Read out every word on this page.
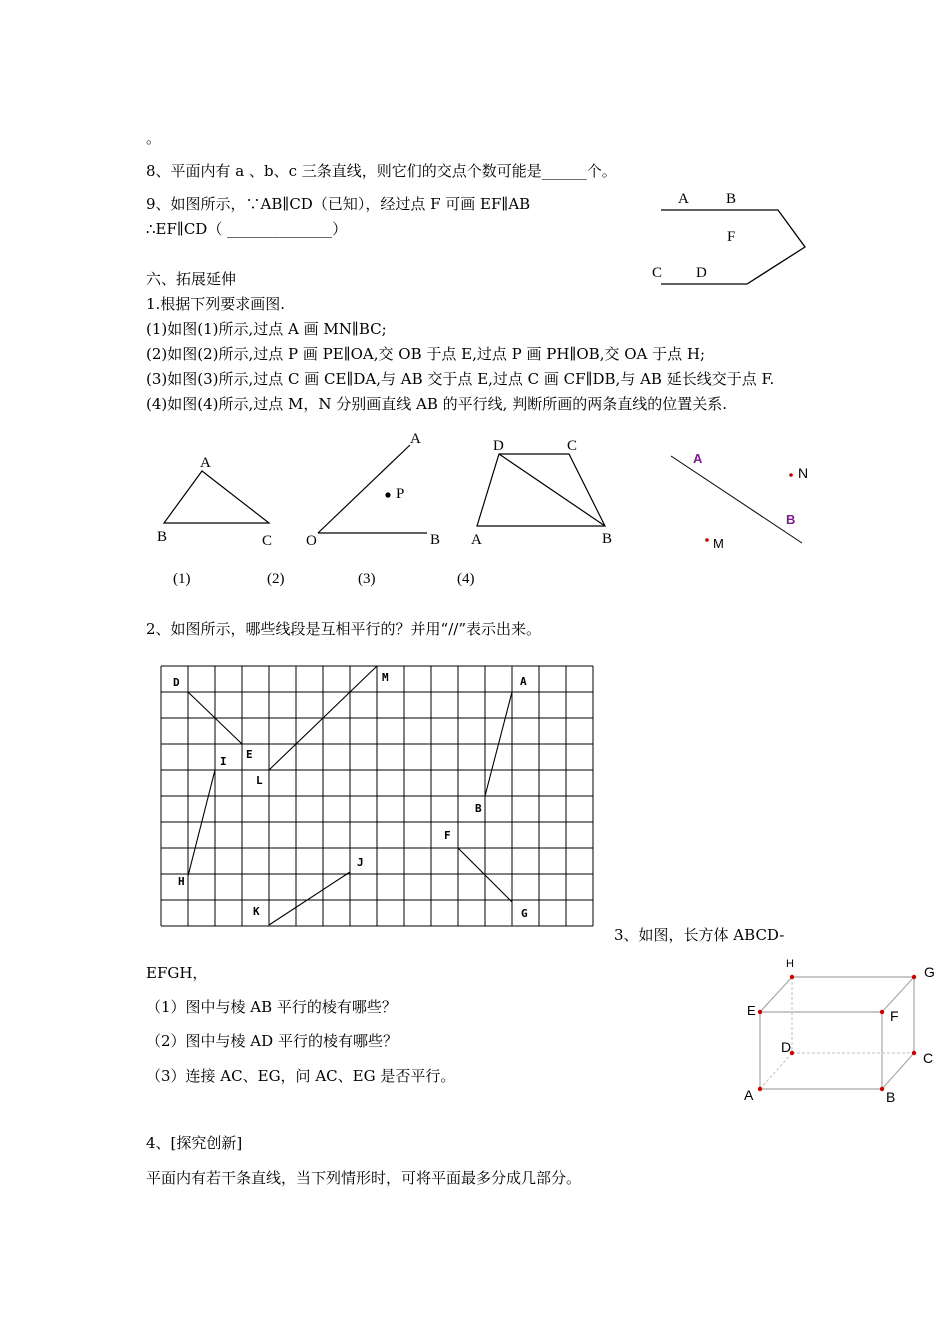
。
8、平面内有 a 、b、c 三条直线，则它们的交点个数可能是______个。
9、如图所示，∵AB∥CD（已知），经过点 F 可画 EF∥AB
∴EF∥CD（ ______________）
A B
F
C D
六、拓展延伸
1.根据下列要求画图.
(1)如图(1)所示,过点 A 画 MN∥BC;
(2)如图(2)所示,过点 P 画 PE∥OA,交 OB 于点 E,过点 P 画 PH∥OB,交 OA 于点 H;
(3)如图(3)所示,过点 C 画 CE∥DA,与 AB 交于点 E,过点 C 画 CF∥DB,与 AB 延长线交于点 F.
(4)如图(4)所示,过点 M，N 分别画直线 AB 的平行线, 判断所画的两条直线的位置关系.
A
B	C
A
P
O	B
D	C
A	B
A
N
B
M
(1)	(2)	(3)	(4)
2、如图所示，哪些线段是互相平行的？并用“//”表示出来。
D	M	A
I
E
L
B
F
J
H
K	G
3、如图，长方体 ABCD-
EFGH，
（1）图中与棱 AB 平行的棱有哪些？
（2）图中与棱 AD 平行的棱有哪些？
（3）连接 AC、EG，问 AC、EG 是否平行。
H	G
E	F
D
C
A	B
4、[探究创新]
平面内有若干条直线，当下列情形时，可将平面最多分成几部分。
